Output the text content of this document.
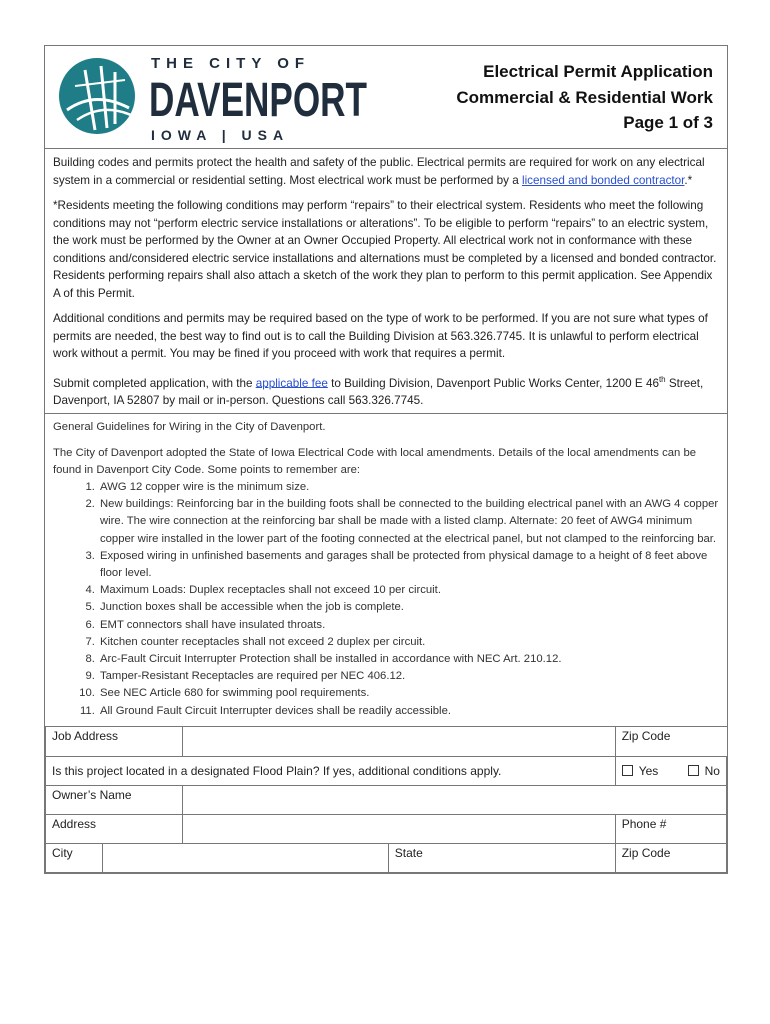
THE CITY OF
DAVENPORT
IOWA | USA
Electrical Permit Application
Commercial & Residential Work
Page 1 of 3

Building codes and permits protect the health and safety of the public. Electrical permits are required for work on any electrical system in a commercial or residential setting. Most electrical work must be performed by a licensed and bonded contractor.*

*Residents meeting the following conditions may perform “repairs” to their electrical system. Residents who meet the following conditions may not “perform electric service installations or alterations”. To be eligible to perform “repairs” to an electric system, the work must be performed by the Owner at an Owner Occupied Property. All electrical work not in conformance with these conditions and/considered electric service installations and alternations must be completed by a licensed and bonded contractor. Residents performing repairs shall also attach a sketch of the work they plan to perform to this permit application. See Appendix A of this Permit.

Additional conditions and permits may be required based on the type of work to be performed. If you are not sure what types of permits are needed, the best way to find out is to call the Building Division at 563.326.7745. It is unlawful to perform electrical work without a permit. You may be fined if you proceed with work that requires a permit.

Submit completed application, with the applicable fee to Building Division, Davenport Public Works Center, 1200 E 46th Street, Davenport, IA 52807 by mail or in-person. Questions call 563.326.7745.

General Guidelines for Wiring in the City of Davenport.

The City of Davenport adopted the State of Iowa Electrical Code with local amendments. Details of the local amendments can be found in Davenport City Code. Some points to remember are:

1. AWG 12 copper wire is the minimum size.
2. New buildings: Reinforcing bar in the building foots shall be connected to the building electrical panel with an AWG 4 copper wire. The wire connection at the reinforcing bar shall be made with a listed clamp. Alternate: 20 feet of AWG4 minimum copper wire installed in the lower part of the footing connected at the electrical panel, but not clamped to the reinforcing bar.
3. Exposed wiring in unfinished basements and garages shall be protected from physical damage to a height of 8 feet above floor level.
4. Maximum Loads: Duplex receptacles shall not exceed 10 per circuit.
5. Junction boxes shall be accessible when the job is complete.
6. EMT connectors shall have insulated throats.
7. Kitchen counter receptacles shall not exceed 2 duplex per circuit.
8. Arc-Fault Circuit Interrupter Protection shall be installed in accordance with NEC Art. 210.12.
9. Tamper-Resistant Receptacles are required per NEC 406.12.
10. See NEC Article 680 for swimming pool requirements.
11. All Ground Fault Circuit Interrupter devices shall be readily accessible.
Job Address				Zip Code
Is this project located in a designated Flood Plain? If yes, additional conditions apply.				Yes No
Owner’s Name				
Address				Phone #
City			State	Zip Code
